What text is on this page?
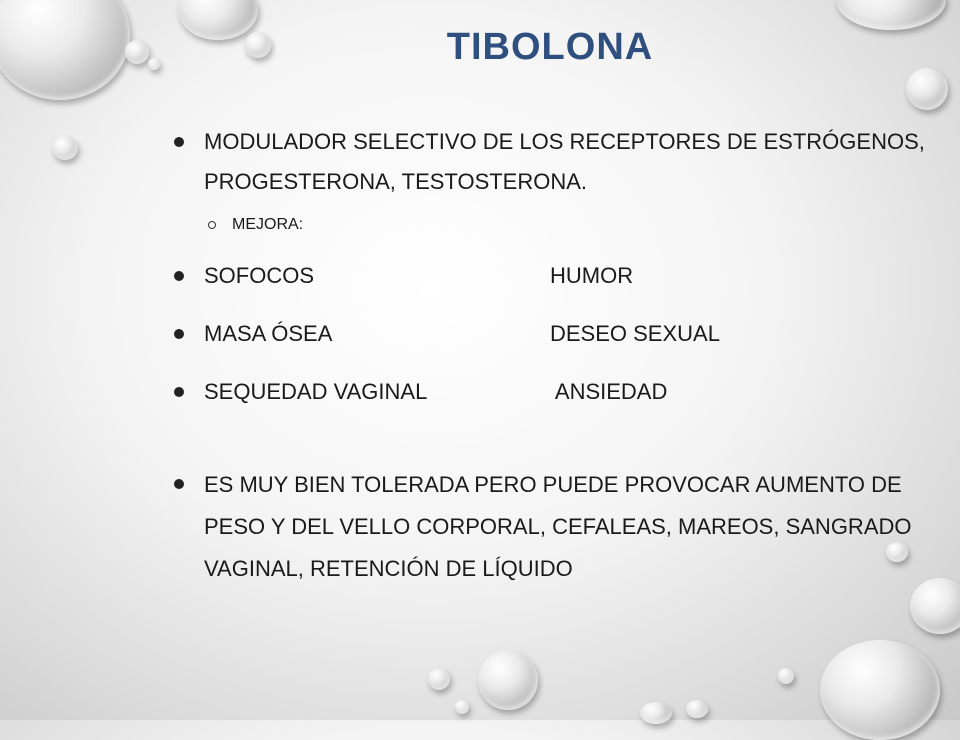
TIBOLONA
MODULADOR SELECTIVO DE LOS RECEPTORES DE ESTRÓGENOS, PROGESTERONA, TESTOSTERONA.
MEJORA:
SOFOCOS	HUMOR
MASA ÓSEA	DESEO SEXUAL
SEQUEDAD VAGINAL	ANSIEDAD
ES MUY BIEN TOLERADA PERO PUEDE PROVOCAR AUMENTO DE PESO Y DEL VELLO CORPORAL, CEFALEAS, MAREOS, SANGRADO VAGINAL, RETENCIÓN DE LÍQUIDO
